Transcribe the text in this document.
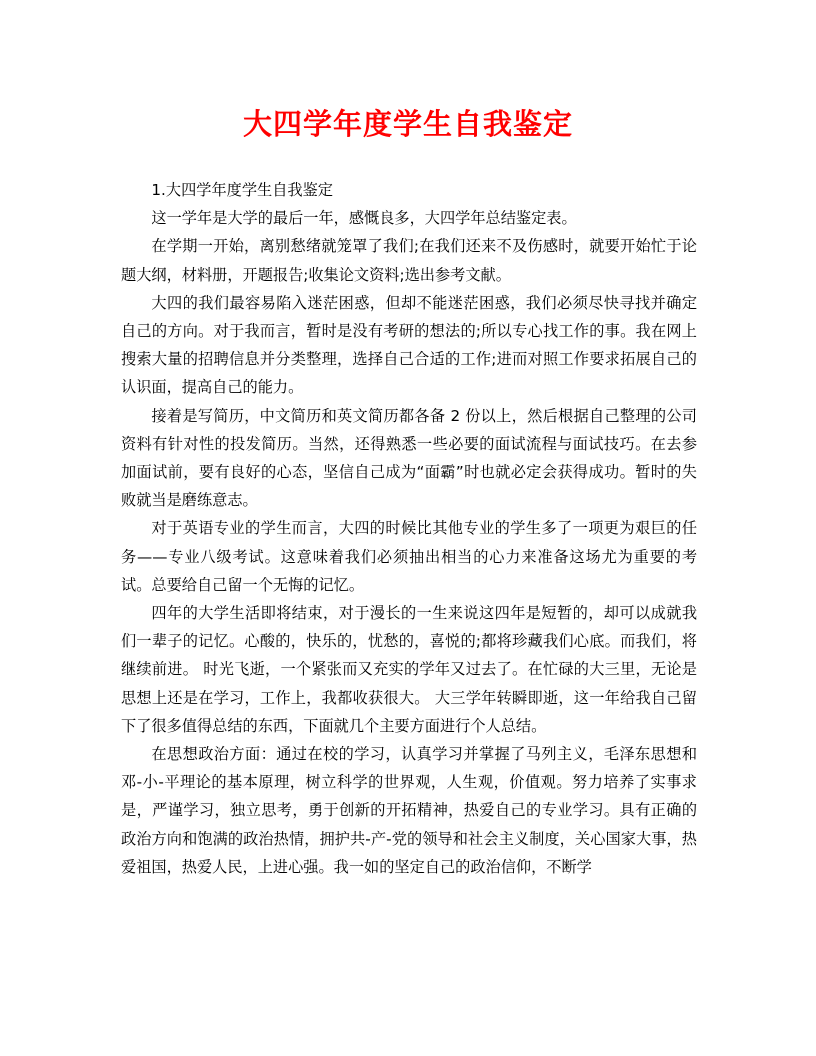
大四学年度学生自我鉴定

1.大四学年度学生自我鉴定

这一学年是大学的最后一年，感慨良多，大四学年总结鉴定表。

在学期一开始，离别愁绪就笼罩了我们;在我们还来不及伤感时，就要开始忙于论题大纲，材料册，开题报告;收集论文资料;选出参考文献。

大四的我们最容易陷入迷茫困惑，但却不能迷茫困惑，我们必须尽快寻找并确定自己的方向。对于我而言，暂时是没有考研的想法的;所以专心找工作的事。我在网上搜索大量的招聘信息并分类整理，选择自己合适的工作;进而对照工作要求拓展自己的认识面，提高自己的能力。

接着是写简历，中文简历和英文简历都各备 2 份以上，然后根据自己整理的公司资料有针对性的投发简历。当然，还得熟悉一些必要的面试流程与面试技巧。在去参加面试前，要有良好的心态，坚信自己成为“面霸”时也就必定会获得成功。暂时的失败就当是磨练意志。

对于英语专业的学生而言，大四的时候比其他专业的学生多了一项更为艰巨的任务——专业八级考试。这意味着我们必须抽出相当的心力来准备这场尤为重要的考试。总要给自己留一个无悔的记忆。

四年的大学生活即将结束，对于漫长的一生来说这四年是短暂的，却可以成就我们一辈子的记忆。心酸的，快乐的，忧愁的，喜悦的;都将珍藏我们心底。而我们，将继续前进。 时光飞逝，一个紧张而又充实的学年又过去了。在忙碌的大三里，无论是思想上还是在学习，工作上，我都收获很大。 大三学年转瞬即逝，这一年给我自己留下了很多值得总结的东西，下面就几个主要方面进行个人总结。

在思想政治方面：通过在校的学习，认真学习并掌握了马列主义，毛泽东思想和邓-小-平理论的基本原理，树立科学的世界观，人生观，价值观。努力培养了实事求是，严谨学习，独立思考，勇于创新的开拓精神，热爱自己的专业学习。具有正确的政治方向和饱满的政治热情，拥护共-产-党的领导和社会主义制度，关心国家大事，热爱祖国，热爱人民，上进心强。我一如的坚定自己的政治信仰，不断学
